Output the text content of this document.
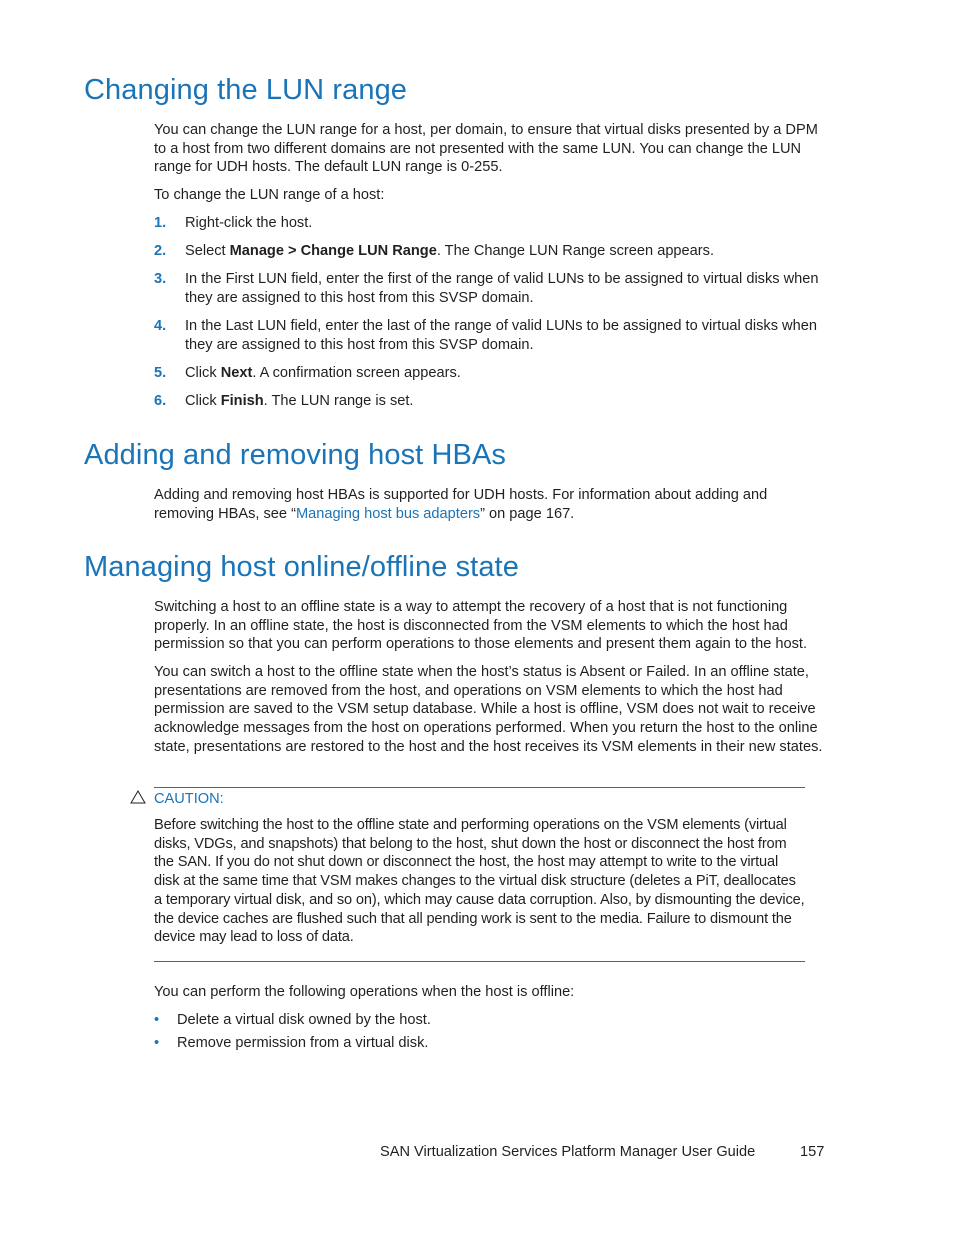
Changing the LUN range

You can change the LUN range for a host, per domain, to ensure that virtual disks presented by a DPM to a host from two different domains are not presented with the same LUN. You can change the LUN range for UDH hosts. The default LUN range is 0-255.

To change the LUN range of a host:

1. Right-click the host.
2. Select Manage > Change LUN Range. The Change LUN Range screen appears.
3. In the First LUN field, enter the first of the range of valid LUNs to be assigned to virtual disks when they are assigned to this host from this SVSP domain.
4. In the Last LUN field, enter the last of the range of valid LUNs to be assigned to virtual disks when they are assigned to this host from this SVSP domain.
5. Click Next. A confirmation screen appears.
6. Click Finish. The LUN range is set.
Adding and removing host HBAs

Adding and removing host HBAs is supported for UDH hosts. For information about adding and removing HBAs, see “Managing host bus adapters” on page 167.

Managing host online/offline state

Switching a host to an offline state is a way to attempt the recovery of a host that is not functioning properly. In an offline state, the host is disconnected from the VSM elements to which the host had permission so that you can perform operations to those elements and present them again to the host.

You can switch a host to the offline state when the host’s status is Absent or Failed. In an offline state, presentations are removed from the host, and operations on VSM elements to which the host had permission are saved to the VSM setup database. While a host is offline, VSM does not wait to receive acknowledge messages from the host on operations performed. When you return the host to the online state, presentations are restored to the host and the host receives its VSM elements in their new states.

CAUTION:

Before switching the host to the offline state and performing operations on the VSM elements (virtual disks, VDGs, and snapshots) that belong to the host, shut down the host or disconnect the host from the SAN. If you do not shut down or disconnect the host, the host may attempt to write to the virtual disk at the same time that VSM makes changes to the virtual disk structure (deletes a PiT, deallocates a temporary virtual disk, and so on), which may cause data corruption. Also, by dismounting the device, the device caches are flushed such that all pending work is sent to the media. Failure to dismount the device may lead to loss of data.

You can perform the following operations when the host is offline:

• Delete a virtual disk owned by the host.
• Remove permission from a virtual disk.
SAN Virtualization Services Platform Manager User Guide	157
